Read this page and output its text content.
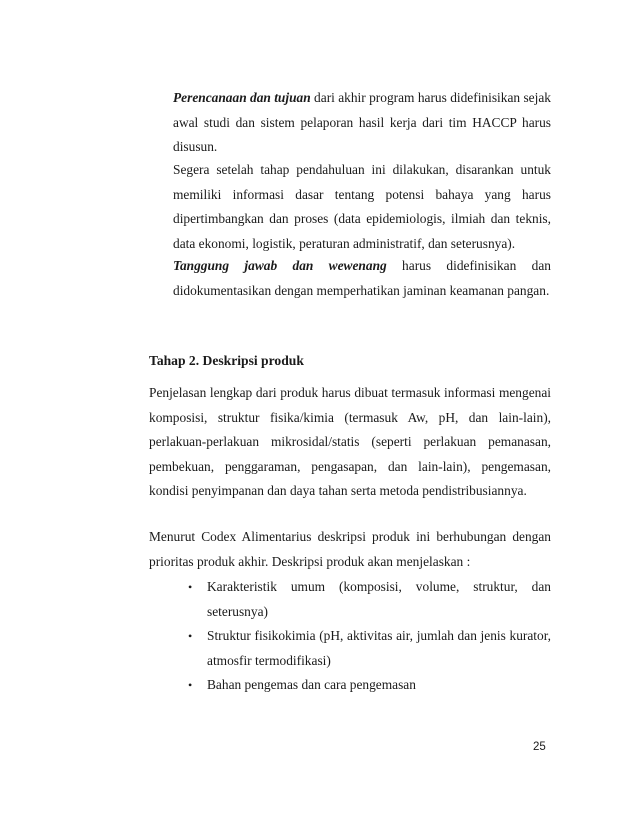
Perencanaan dan tujuan dari akhir program harus didefinisikan sejak awal studi dan sistem pelaporan hasil kerja dari tim HACCP harus disusun.

Segera setelah tahap pendahuluan ini dilakukan, disarankan untuk memiliki informasi dasar tentang potensi bahaya yang harus dipertimbangkan dan proses (data epidemiologis, ilmiah dan teknis, data ekonomi, logistik, peraturan administratif, dan seterusnya).

Tanggung jawab dan wewenang harus didefinisikan dan didokumentasikan dengan memperhatikan jaminan keamanan pangan.

Tahap 2. Deskripsi produk

Penjelasan lengkap dari produk harus dibuat termasuk informasi mengenai komposisi, struktur fisika/kimia (termasuk Aw, pH, dan lain-lain), perlakuan-perlakuan mikrosidal/statis (seperti perlakuan pemanasan, pembekuan, penggaraman, pengasapan, dan lain-lain), pengemasan, kondisi penyimpanan dan daya tahan serta metoda pendistribusiannya.

Menurut Codex Alimentarius deskripsi produk ini berhubungan dengan prioritas produk akhir. Deskripsi produk akan menjelaskan :

• Karakteristik umum (komposisi, volume, struktur, dan seterusnya)
• Struktur fisikokimia (pH, aktivitas air, jumlah dan jenis kurator, atmosfir termodifikasi)
• Bahan pengemas dan cara pengemasan
25
